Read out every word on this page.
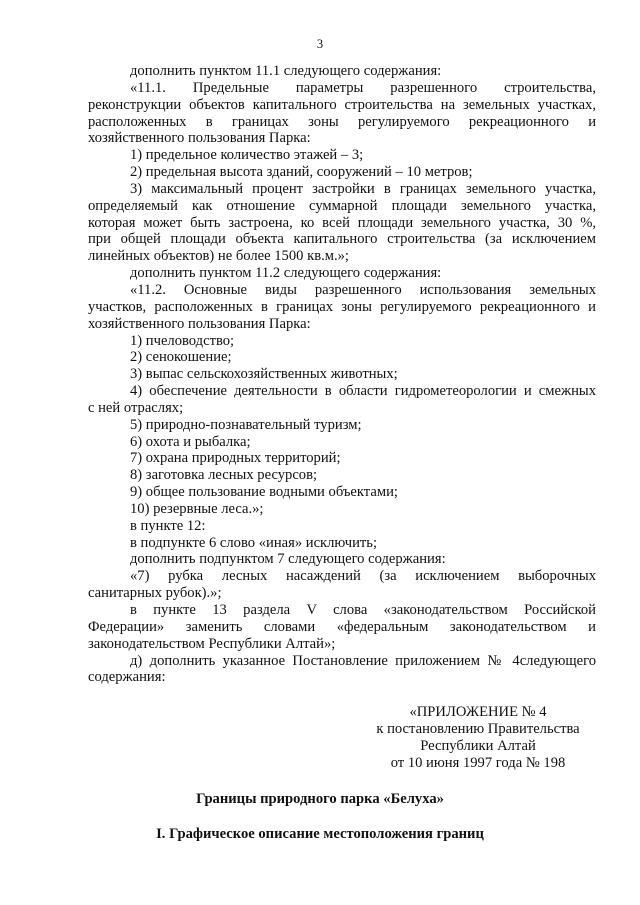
3
дополнить пунктом 11.1 следующего содержания:
«11.1. Предельные параметры разрешенного строительства,
реконструкции объектов капитального строительства на земельных участках,
расположенных в границах зоны регулируемого рекреационного и
хозяйственного пользования Парка:
1) предельное количество этажей – 3;
2) предельная высота зданий, сооружений – 10 метров;
3) максимальный процент застройки в границах земельного участка,
определяемый как отношение суммарной площади земельного участка,
которая может быть застроена, ко всей площади земельного участка, 30 %,
при общей площади объекта капитального строительства (за исключением
линейных объектов) не более 1500 кв.м.»;
дополнить пунктом 11.2 следующего содержания:
«11.2. Основные виды разрешенного использования земельных
участков, расположенных в границах зоны регулируемого рекреационного и
хозяйственного пользования Парка:
1) пчеловодство;
2) сенокошение;
3) выпас сельскохозяйственных животных;
4) обеспечение деятельности в области гидрометеорологии и смежных
с ней отраслях;
5) природно-познавательный туризм;
6) охота и рыбалка;
7) охрана природных территорий;
8) заготовка лесных ресурсов;
9) общее пользование водными объектами;
10) резервные леса.»;
в пункте 12:
в подпункте 6 слово «иная» исключить;
дополнить подпунктом 7 следующего содержания:
«7) рубка лесных насаждений (за исключением выборочных
санитарных рубок).»;
в пункте 13 раздела V слова «законодательством Российской
Федерации» заменить словами «федеральным законодательством и
законодательством Республики Алтай»;
д) дополнить указанное Постановление приложением № 4следующего
содержания:
«ПРИЛОЖЕНИЕ № 4
к постановлению Правительства
Республики Алтай
от 10 июня 1997 года № 198
Границы природного парка «Белуха»
I. Графическое описание местоположения границ
